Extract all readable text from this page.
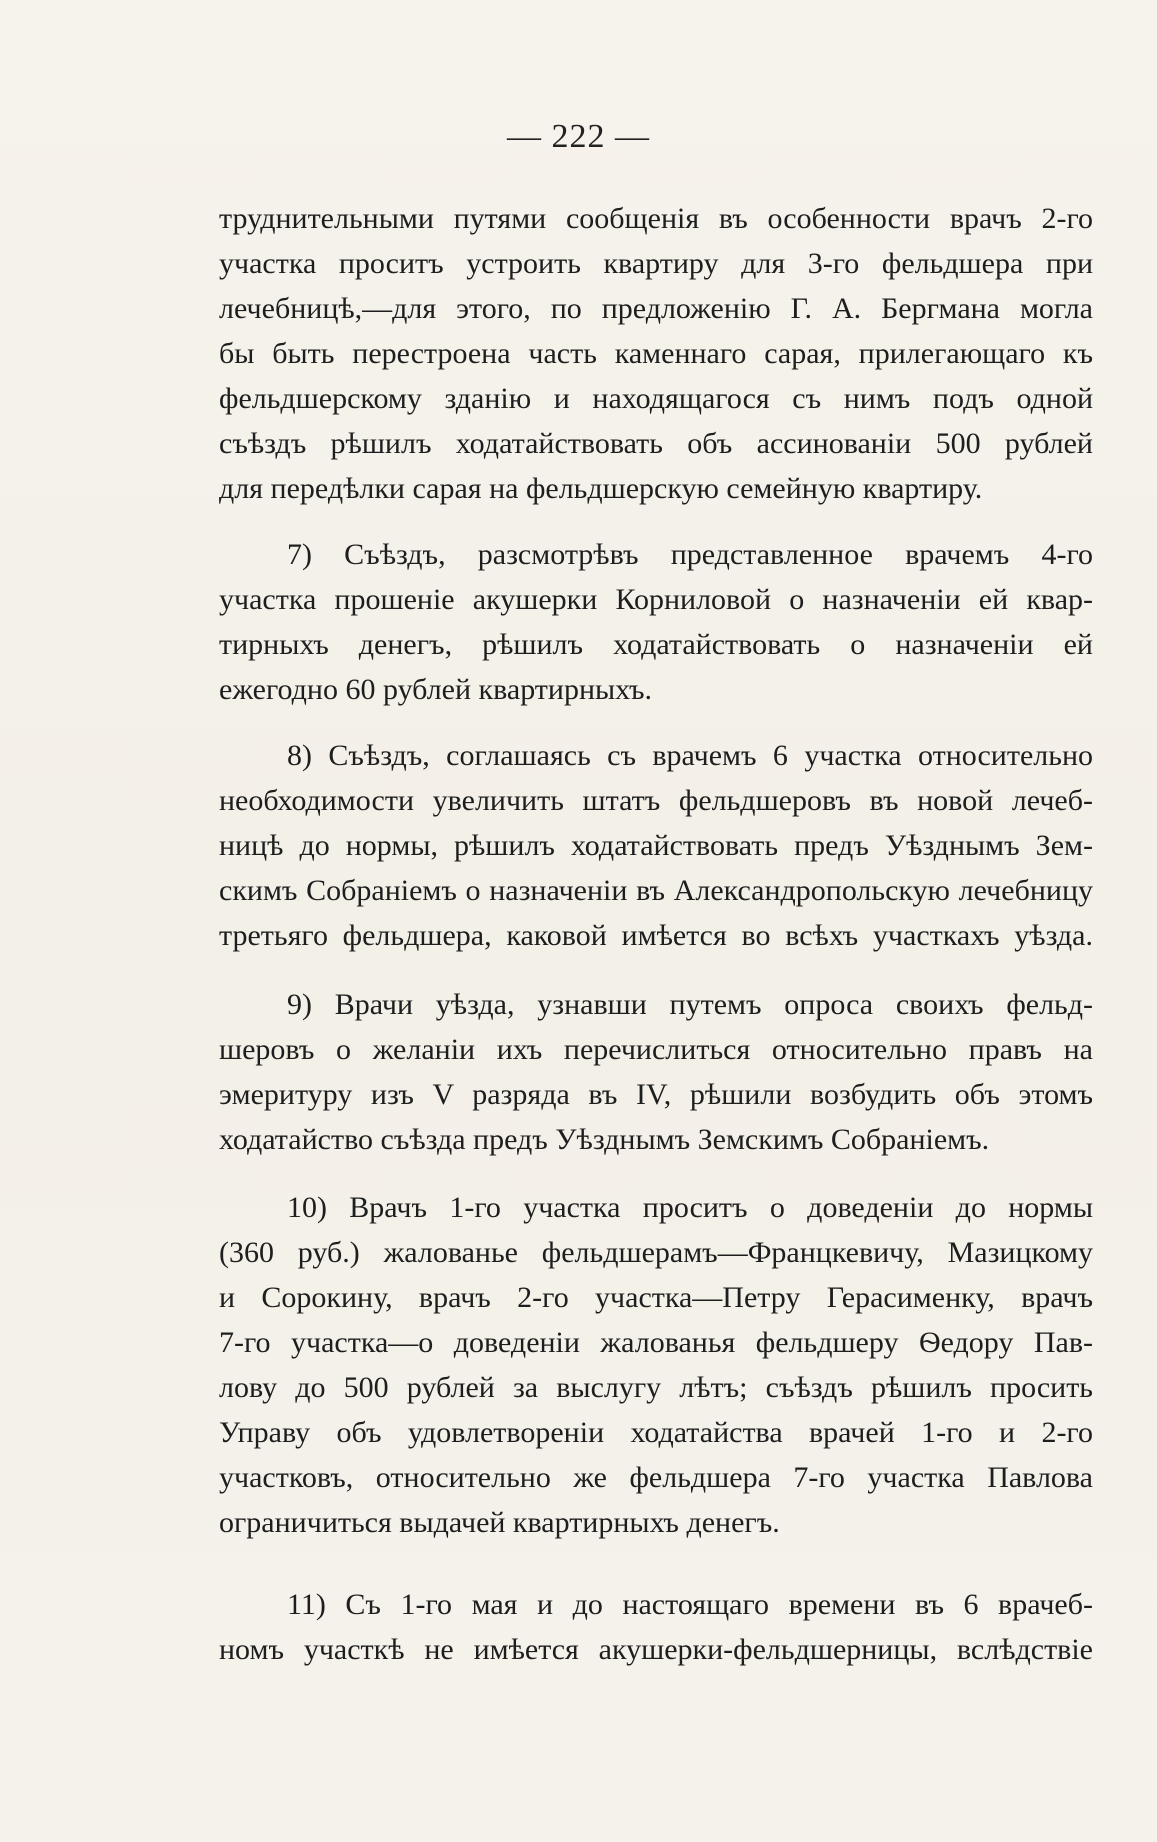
— 222 —
труднительными путями сообщенія въ особенности врачъ 2-го
участка проситъ устроить квартиру для 3-го фельдшера при
лечебницѣ,—для этого, по предложенію Г. А. Бергмана могла
бы быть перестроена часть каменнаго сарая, прилегающаго къ
фельдшерскому зданію и находящагося съ нимъ подъ одной
съѣздъ рѣшилъ ходатайствовать объ ассинованіи 500 рублей
для передѣлки сарая на фельдшерскую семейную квартиру.
7) Съѣздъ, разсмотрѣвъ представленное врачемъ 4-го
участка прошеніе акушерки Корниловой о назначеніи ей квар-
тирныхъ денегъ, рѣшилъ ходатайствовать о назначеніи ей
ежегодно 60 рублей квартирныхъ.
8) Съѣздъ, соглашаясь съ врачемъ 6 участка относительно
необходимости увеличить штатъ фельдшеровъ въ новой лечеб-
ницѣ до нормы, рѣшилъ ходатайствовать предъ Уѣзднымъ Зем-
скимъ Собраніемъ о назначеніи въ Александропольскую лечебницу
третьяго фельдшера, каковой имѣется во всѣхъ участкахъ уѣзда.
9) Врачи уѣзда, узнавши путемъ опроса своихъ фельд-
шеровъ о желаніи ихъ перечислиться относительно правъ на
эмеритуру изъ V разряда въ IV, рѣшили возбудить объ этомъ
ходатайство съѣзда предъ Уѣзднымъ Земскимъ Собраніемъ.
10) Врачъ 1-го участка проситъ о доведеніи до нормы
(360 руб.) жалованье фельдшерамъ—Францкевичу, Мазицкому
и Сорокину, врачъ 2-го участка—Петру Герасименку, врачъ
7-го участка—о доведеніи жалованья фельдшеру Ѳедору Пав-
лову до 500 рублей за выслугу лѣтъ; съѣздъ рѣшилъ просить
Управу объ удовлетвореніи ходатайства врачей 1-го и 2-го
участковъ, относительно же фельдшера 7-го участка Павлова
ограничиться выдачей квартирныхъ денегъ.
11) Съ 1-го мая и до настоящаго времени въ 6 врачеб-
номъ участкѣ не имѣется акушерки-фельдшерницы, вслѣдствіе
